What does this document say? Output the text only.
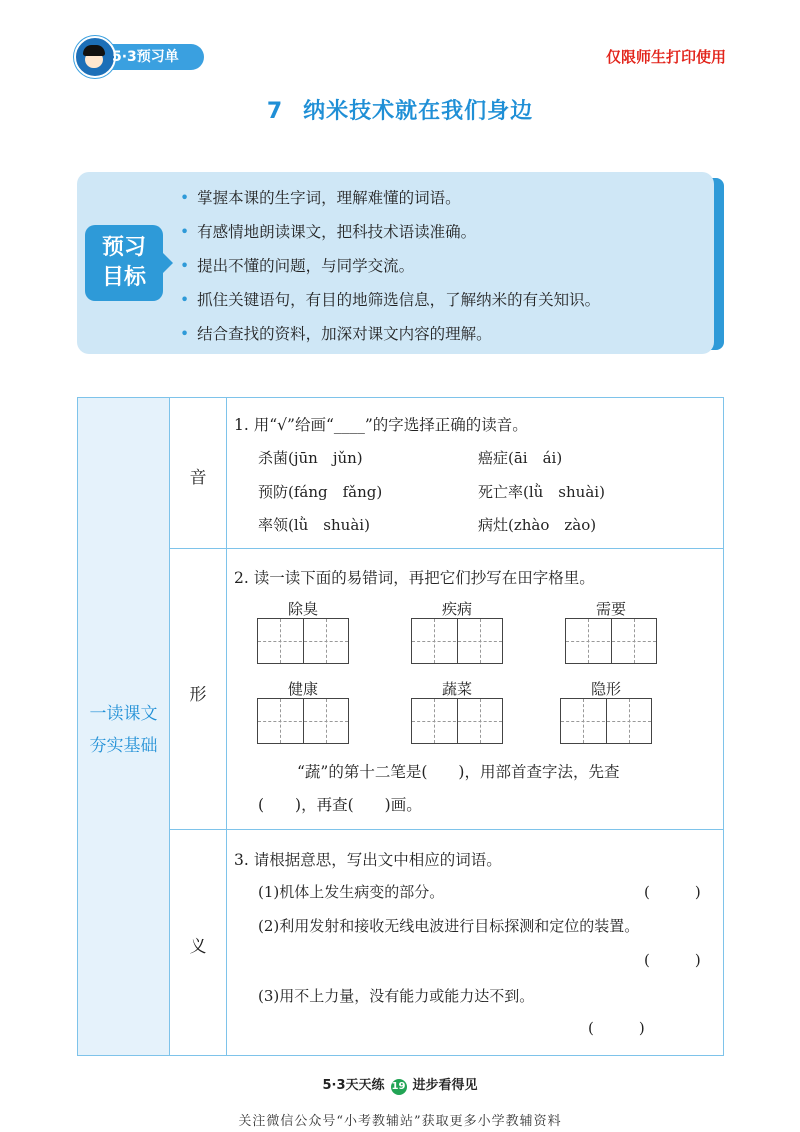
5·3预习单	仅限师生打印使用
7 纳米技术就在我们身边
预习
目标
• 掌握本课的生字词，理解难懂的词语。
• 有感情地朗读课文，把科技术语读准确。
• 提出不懂的问题，与同学交流。
• 抓住关键语句，有目的地筛选信息，了解纳米的有关知识。
• 结合查找的资料，加深对课文内容的理解。
一读课文
夯实基础
音
1. 用“√”给画“____”的字选择正确的读音。
杀菌(jūn　jǔn)	癌症(āi　ái)
预防(fáng　fǎng)	死亡率(lǜ　shuài)
率领(lǜ　shuài)	病灶(zhào　zào)
形
2. 读一读下面的易错词，再把它们抄写在田字格里。
除臭	疾病	需要
健康	蔬菜	隐形
“蔬”的第十二笔是(　　)，用部首查字法，先查
(　　)，再查(　　)画。
义
3. 请根据意思，写出文中相应的词语。
(1)机体上发生病变的部分。	(　　　)
(2)利用发射和接收无线电波进行目标探测和定位的装置。
(　　　)
(3)用不上力量，没有能力或能力达不到。
(　　　)
5·3天天练 19 进步看得见
关注微信公众号“小考教辅站”获取更多小学教辅资料
